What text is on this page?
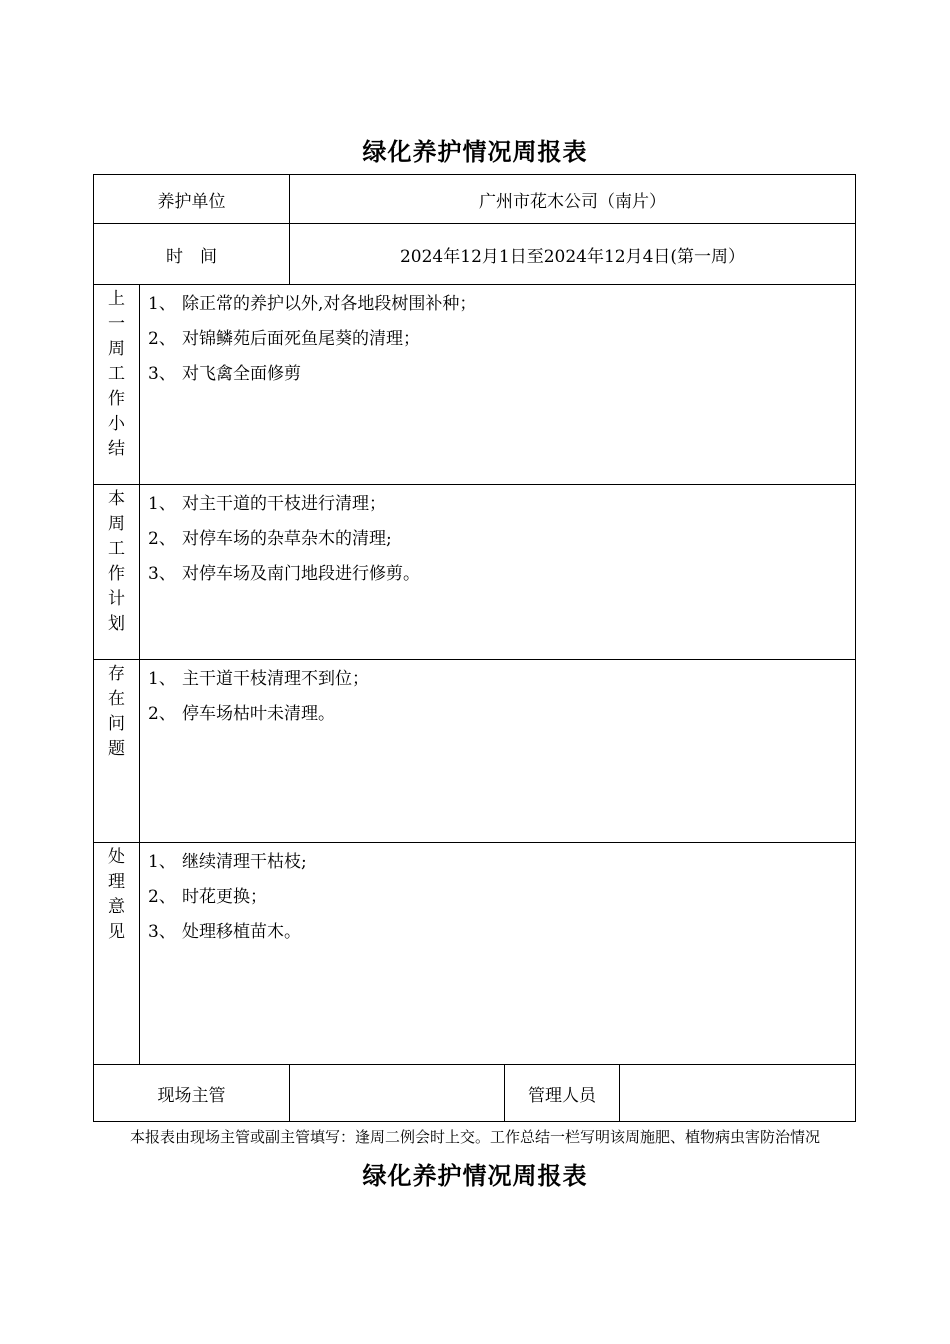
绿化养护情况周报表
养护单位		广州市花木公司（南片）		
时　间		2024年12月1日至2024年12月4日(第一周）		

上一周工作小结	1、 除正常的养护以外,对各地段树围补种；
2、 对锦鳞苑后面死鱼尾葵的清理；
3、 对飞禽全面修剪			

本周工作计划	1、 对主干道的干枝进行清理；
2、 对停车场的杂草杂木的清理;
3、 对停车场及南门地段进行修剪。			

存在问题	1、 主干道干枝清理不到位；
2、 停车场枯叶未清理。			

处理意见	1、 继续清理干枯枝;
2、 时花更换；
3、 处理移植苗木。			

现场主管			管理人员	
本报表由现场主管或副主管填写：逢周二例会时上交。工作总结一栏写明该周施肥、植物病虫害防治情况
绿化养护情况周报表
